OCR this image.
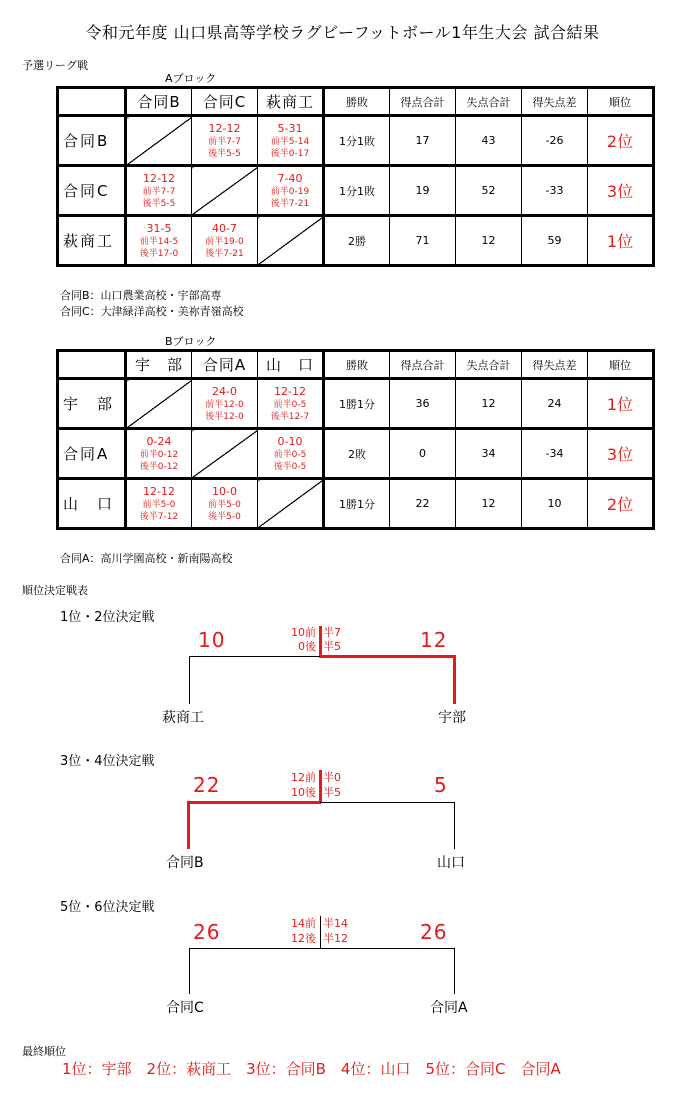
令和元年度 山口県高等学校ラグビーフットボール1年生大会 試合結果
予選リーグ戦
Aブロック
	合同B	合同C	萩商工	勝敗	得点合計	失点合計	得失点差	順位
合同B		12-12
前半7-7
後半5-5	5-31
前半5-14
後半0-17	1分1敗	17	43	-26	2位
合同C	12-12
前半7-7
後半5-5		7-40
前半0-19
後半7-21	1分1敗	19	52	-33	3位
萩商工	31-5
前半14-5
後半17-0	40-7
前半19-0
後半7-21		2勝	71	12	59	1位
合同B：山口農業高校・宇部高専
合同C：大津緑洋高校・美祢青嶺高校
Bブロック
	宇　部	合同A	山　口	勝敗	得点合計	失点合計	得失点差	順位
宇　部		24-0
前半12-0
後半12-0	12-12
前半0-5
後半12-7	1勝1分	36	12	24	1位
合同A	0-24
前半0-12
後半0-12		0-10
前半0-5
後半0-5	2敗	0	34	-34	3位
山　口	12-12
前半5-0
後半7-12	10-0
前半5-0
後半5-0		1勝1分	22	12	10	2位
合同A：高川学園高校・新南陽高校
順位決定戦表
1位・2位決定戦
10	12
10前
0後
半7
半5
萩商工	宇部
3位・4位決定戦
22	5
12前
10後
半0
半5
合同B	山口
5位・6位決定戦
26	26
14前
12後
半14
半12
合同C	合同A
最終順位
1位：宇部　2位：萩商工　3位：合同B　4位：山口　5位：合同C　合同A
